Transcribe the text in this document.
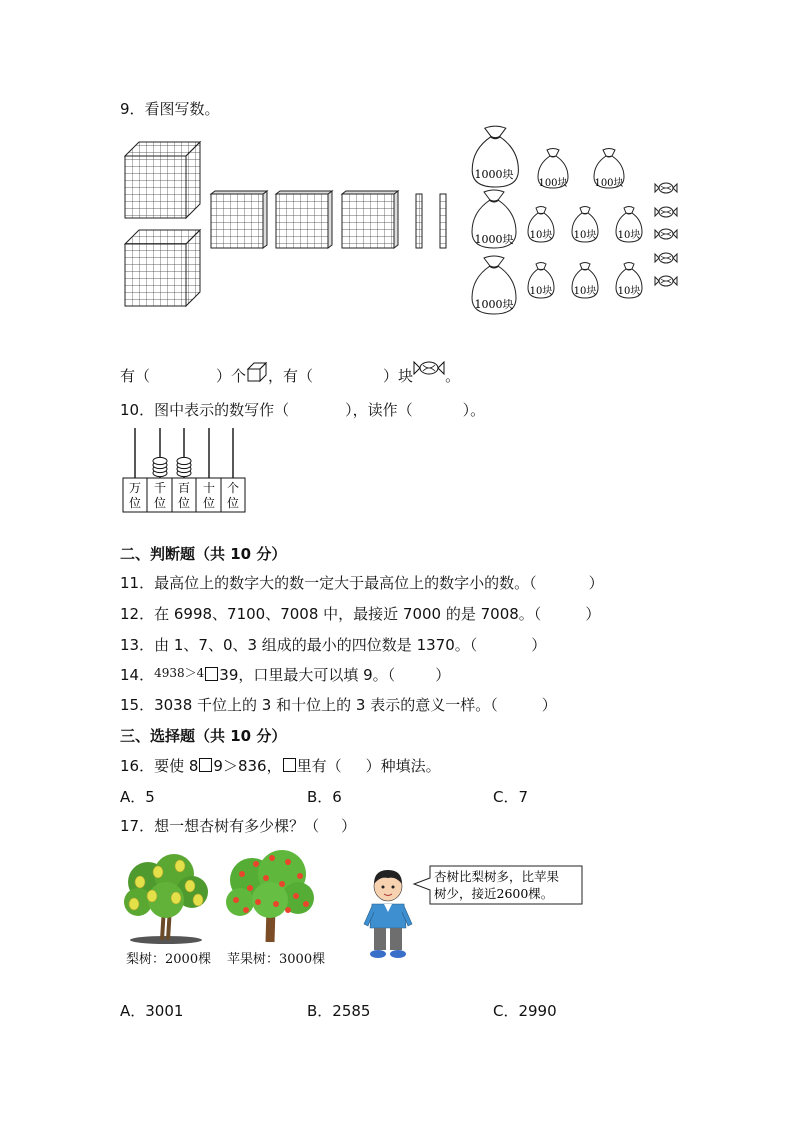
9．看图写数。
1000块
1000块
1000块
100块	100块
10块 10块 10块
10块 10块 10块
有（	）个 ，有（	）块 。
10．图中表示的数写作（	），读作（	）。
万
位
千
位
百
位
十
位
个
位
二、判断题（共 10 分）
11．最高位上的数字大的数一定大于最高位上的数字小的数。（	）
12．在 6998、7100、7008 中，最接近 7000 的是 7008。（	）
13．由 1、7、0、3 组成的最小的四位数是 1370。（	）
14．$^{4938>4}$ 39，口里最大可以填 9。（	）
15．3038 千位上的 3 和十位上的 3 表示的意义一样。（	）
三、选择题（共 10 分）
16．要使 8 9＞836， 里有（ ）种填法。
A．5	B．6	C．7
17．想一想杏树有多少棵？（ ）
梨树：2000棵 苹果树：3000棵
杏树比梨树多，比苹果
树少，接近2600棵。
A．3001	B．2585	C．2990
